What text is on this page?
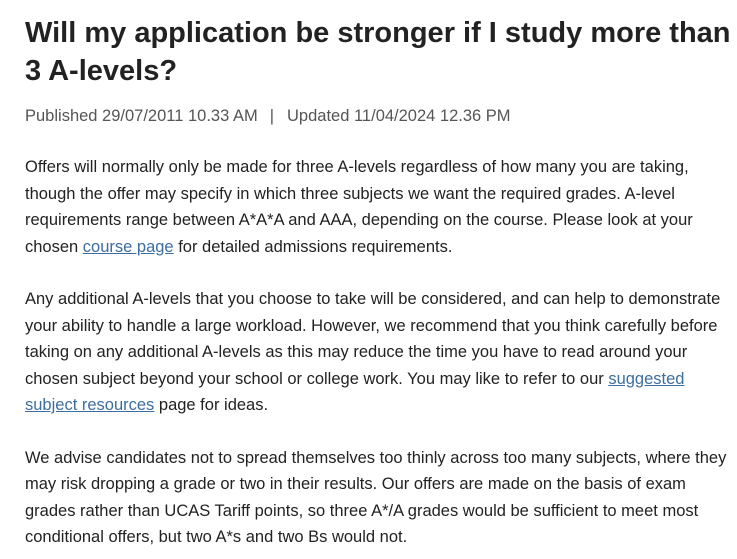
Will my application be stronger if I study more than 3 A-levels?
Published 29/07/2011 10.33 AM | Updated 11/04/2024 12.36 PM

Offers will normally only be made for three A-levels regardless of how many you are taking, though the offer may specify in which three subjects we want the required grades. A-level requirements range between A*A*A and AAA, depending on the course. Please look at your chosen course page for detailed admissions requirements.

Any additional A-levels that you choose to take will be considered, and can help to demonstrate your ability to handle a large workload. However, we recommend that you think carefully before taking on any additional A-levels as this may reduce the time you have to read around your chosen subject beyond your school or college work. You may like to refer to our suggested subject resources page for ideas.

We advise candidates not to spread themselves too thinly across too many subjects, where they may risk dropping a grade or two in their results. Our offers are made on the basis of exam grades rather than UCAS Tariff points, so three A*/A grades would be sufficient to meet most conditional offers, but two A*s and two Bs would not.
